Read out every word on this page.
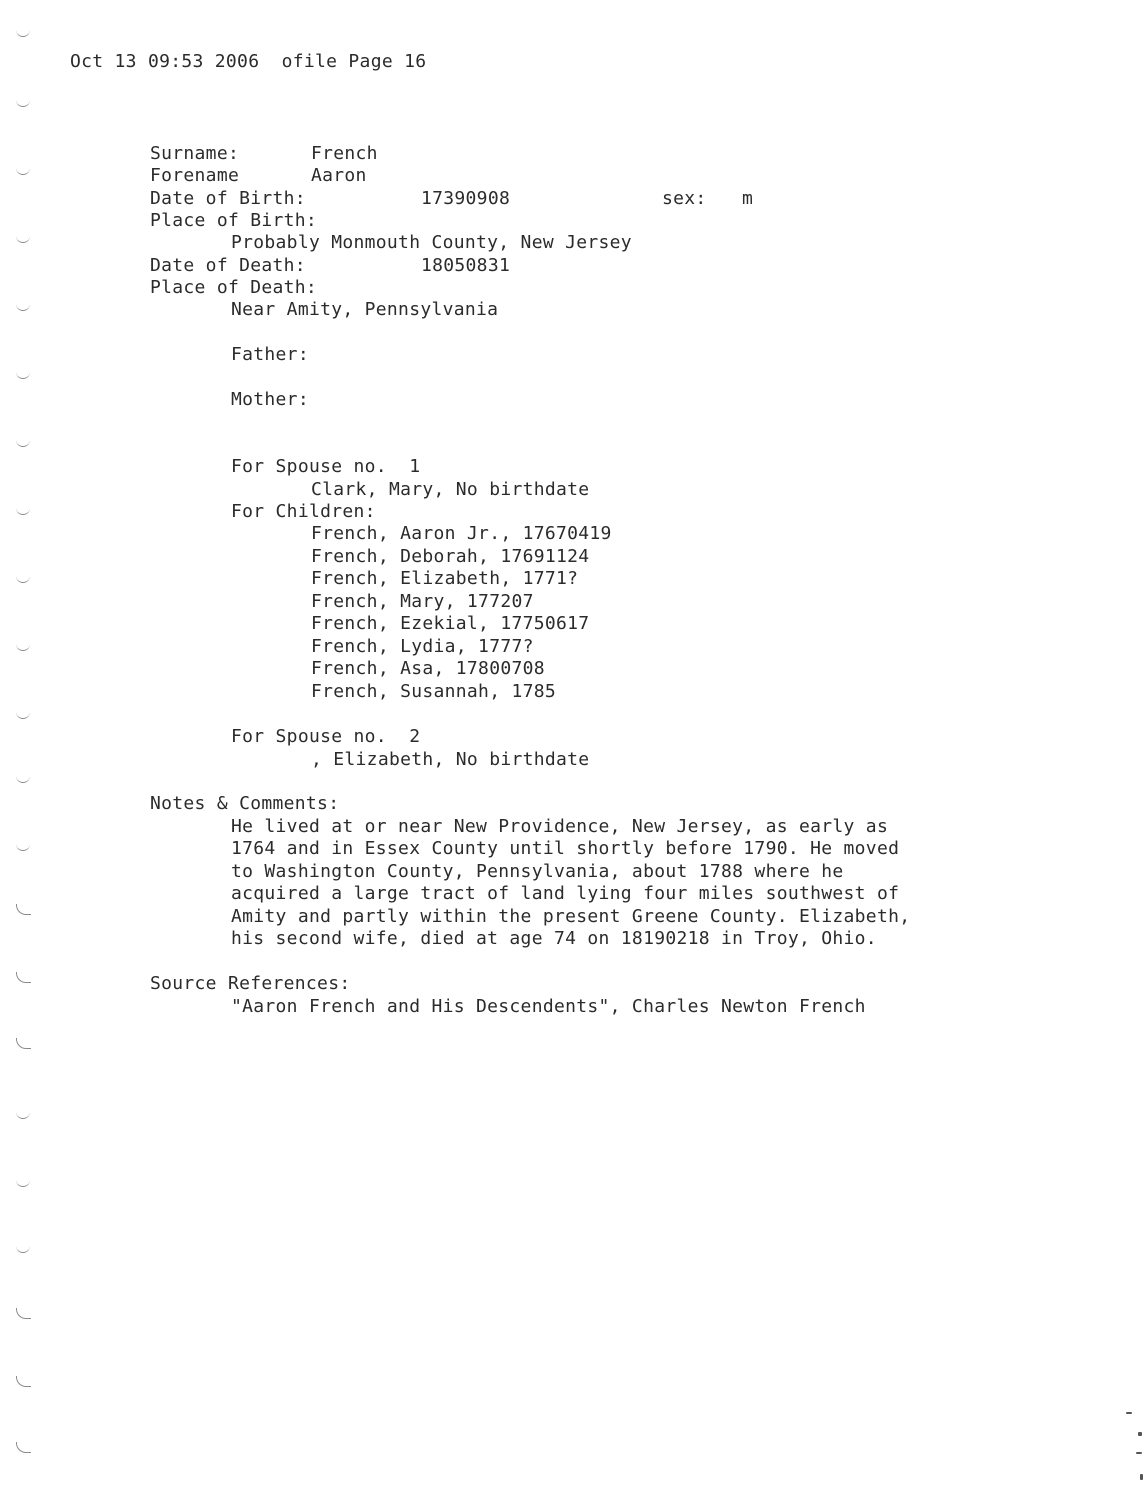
Oct 13 09:53 2006  ofile Page 16
Surname:	French
Forename	Aaron
Date of Birth:	17390908	sex: m
Place of Birth:
Probably Monmouth County, New Jersey
Date of Death:	18050831
Place of Death:
Near Amity, Pennsylvania
Father:
Mother:
For Spouse no.  1
Clark, Mary, No birthdate
For Children:
French, Aaron Jr., 17670419
French, Deborah, 17691124
French, Elizabeth, 1771?
French, Mary, 177207
French, Ezekial, 17750617
French, Lydia, 1777?
French, Asa, 17800708
French, Susannah, 1785
For Spouse no.  2
, Elizabeth, No birthdate
Notes & Comments:
He lived at or near New Providence, New Jersey, as early as
1764 and in Essex County until shortly before 1790. He moved
to Washington County, Pennsylvania, about 1788 where he
acquired a large tract of land lying four miles southwest of
Amity and partly within the present Greene County. Elizabeth,
his second wife, died at age 74 on 18190218 in Troy, Ohio.
Source References:
"Aaron French and His Descendents", Charles Newton French
